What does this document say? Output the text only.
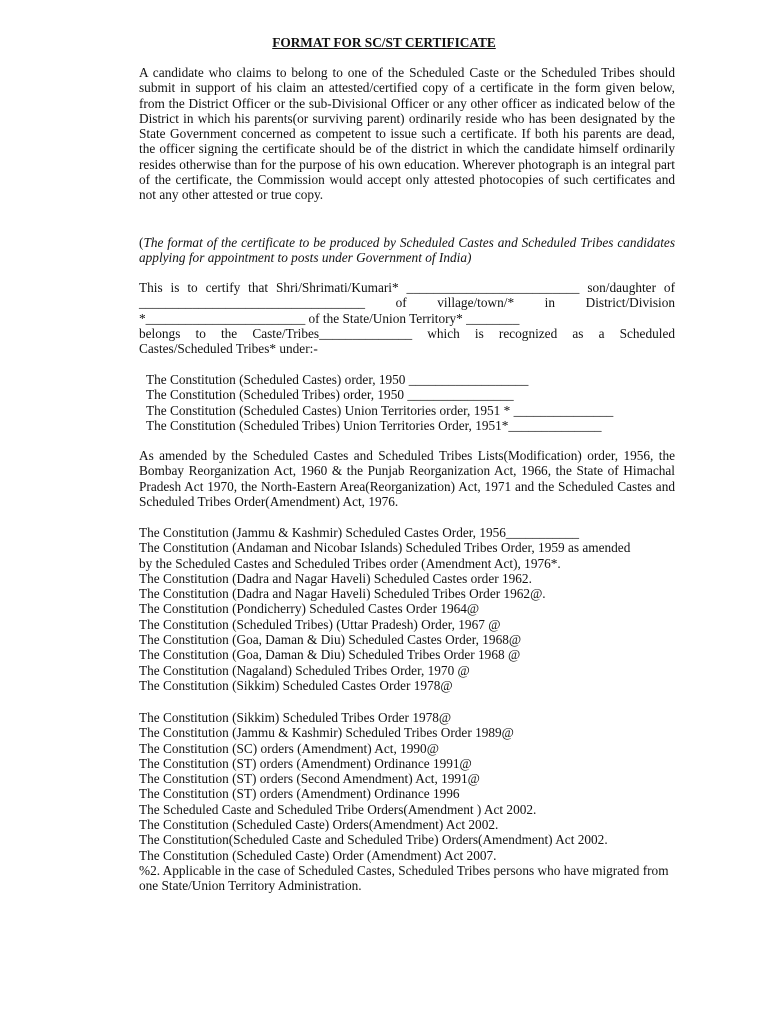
FORMAT FOR SC/ST CERTIFICATE

A candidate who claims to belong to one of the Scheduled Caste or the Scheduled Tribes should submit in support of his claim an attested/certified copy of a certificate in the form given below, from the District Officer or the sub-Divisional Officer or any other officer as indicated below of the District in which his parents(or surviving parent) ordinarily reside who has been designated by the State Government concerned as competent to issue such a certificate. If both his parents are dead, the officer signing the certificate should be of the district in which the candidate himself ordinarily resides otherwise than for the purpose of his own education. Wherever photograph is an integral part of the certificate, the Commission would accept only attested photocopies of such certificates and not any other attested or true copy.

(The format of the certificate to be produced by Scheduled Castes and Scheduled Tribes candidates applying for appointment to posts under Government of India)

This is to certify that Shri/Shrimati/Kumari* __________________________ son/daughter of
__________________________________ of village/town/* in District/Division
*________________________ of the State/Union Territory* ________
belongs to the Caste/Tribes______________ which is recognized as a Scheduled
Castes/Scheduled Tribes* under:-
The Constitution (Scheduled Castes) order, 1950 __________________
The Constitution (Scheduled Tribes) order, 1950 ________________
The Constitution (Scheduled Castes) Union Territories order, 1951 * _______________
The Constitution (Scheduled Tribes) Union Territories Order, 1951*______________

As amended by the Scheduled Castes and Scheduled Tribes Lists(Modification) order, 1956, the Bombay Reorganization Act, 1960 & the Punjab Reorganization Act, 1966, the State of Himachal Pradesh Act 1970, the North-Eastern Area(Reorganization) Act, 1971 and the Scheduled Castes and Scheduled Tribes Order(Amendment) Act, 1976.

The Constitution (Jammu & Kashmir) Scheduled Castes Order, 1956___________
The Constitution (Andaman and Nicobar Islands) Scheduled Tribes Order, 1959 as amended
by the Scheduled Castes and Scheduled Tribes order (Amendment Act), 1976*.
The Constitution (Dadra and Nagar Haveli) Scheduled Castes order 1962.
The Constitution (Dadra and Nagar Haveli) Scheduled Tribes Order 1962@.
The Constitution (Pondicherry) Scheduled Castes Order 1964@
The Constitution (Scheduled Tribes) (Uttar Pradesh) Order, 1967 @
The Constitution (Goa, Daman & Diu) Scheduled Castes Order, 1968@
The Constitution (Goa, Daman & Diu) Scheduled Tribes Order 1968 @
The Constitution (Nagaland) Scheduled Tribes Order, 1970 @
The Constitution (Sikkim) Scheduled Castes Order 1978@
The Constitution (Sikkim) Scheduled Tribes Order 1978@
The Constitution (Jammu & Kashmir) Scheduled Tribes Order 1989@
The Constitution (SC) orders (Amendment) Act, 1990@
The Constitution (ST) orders (Amendment) Ordinance 1991@
The Constitution (ST) orders (Second Amendment) Act, 1991@
The Constitution (ST) orders (Amendment) Ordinance 1996
The Scheduled Caste and Scheduled Tribe Orders(Amendment ) Act 2002.
The Constitution (Scheduled Caste) Orders(Amendment) Act 2002.
The Constitution(Scheduled Caste and Scheduled Tribe) Orders(Amendment) Act 2002.
The Constitution (Scheduled Caste) Order (Amendment) Act 2007.
%2. Applicable in the case of Scheduled Castes, Scheduled Tribes persons who have migrated from one State/Union Territory Administration.
